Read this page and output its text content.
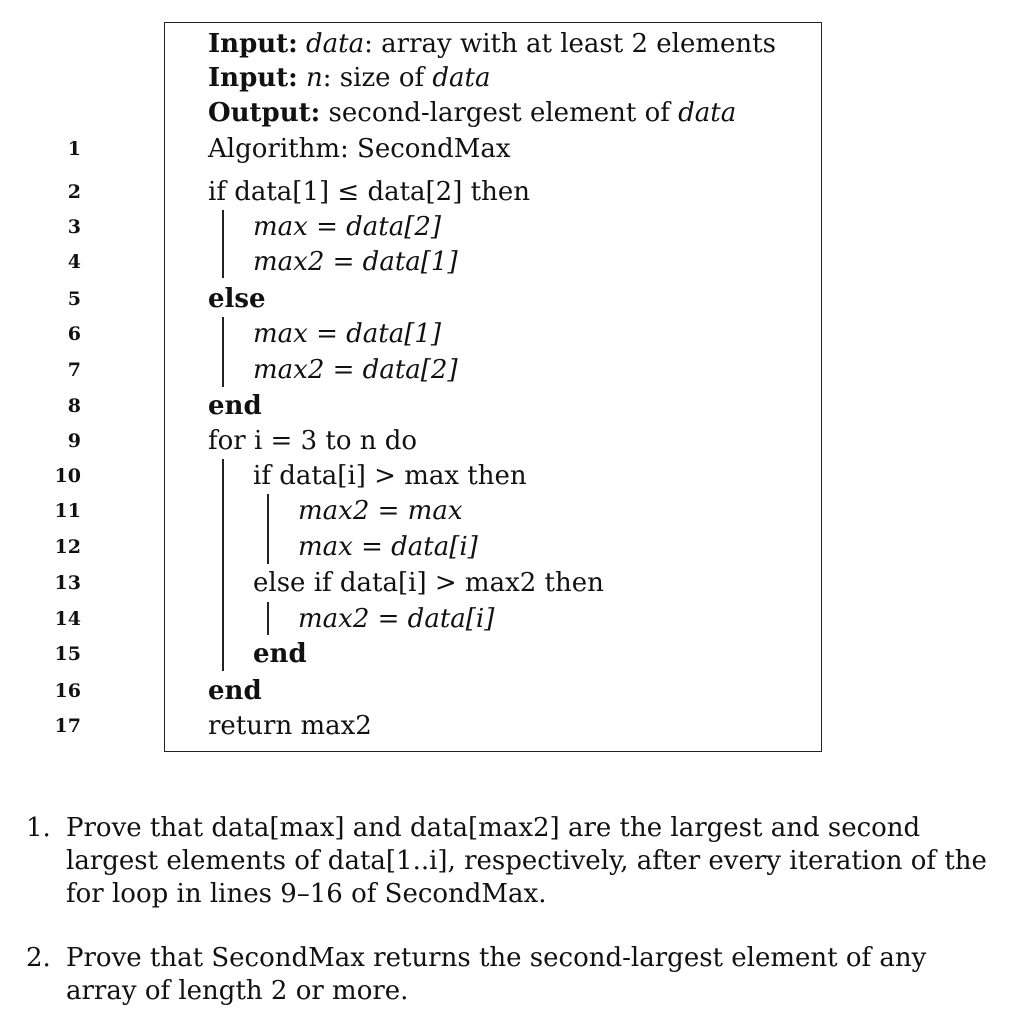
Input:
data : array with at least 2 elements
Input:
n : size of
data
Output:
second-largest element of
data
1	Algorithm: SecondMax
2	if data[1] ≤ data[2] then
3	max = data[2]
4	max2 = data[1]
5	else
6	max = data[1]
7	max2 = data[2]
8	end
9	for i = 3 to n do
10	if data[i] > max then
11	max2 = max
12	max = data[i]
13	else if data[i] > max2 then
14	max2 = data[i]
15	end
16	end
17	return max2
1. Prove that data[max] and data[max2] are the largest and second largest elements of data[1..i], respectively, after every iteration of the for loop in lines 9–16 of SecondMax.
2. Prove that SecondMax returns the second-largest element of any array of length 2 or more.
